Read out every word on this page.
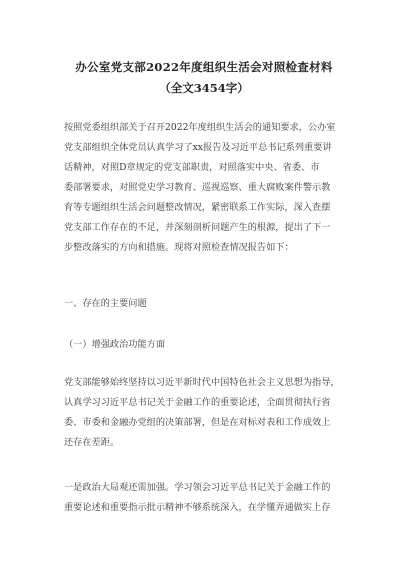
办公室党支部2022年度组织生活会对照检查材料
（全文3454字）
按照党委组织部关于召开2022年度组织生活会的通知要求，公办室
党支部组织全体党员认真学习了xx报告及习近平总书记系列重要讲
话精神，对照D章规定的党支部职责，对照落实中央、省委、市
委部署要求，对照党史学习教育、巡视巡察、重大腐败案件警示教
育等专题组织生活会问题整改情况，紧密联系工作实际，深入查摆
党支部工作存在的不足，并深刻剖析问题产生的根源，提出了下一
步整改落实的方向和措施。现将对照检查情况报告如下：
一、存在的主要问题
（一）增强政治功能方面
党支部能够始终坚持以习近平新时代中国特色社会主义思想为指导，
认真学习习近平总书记关于金融工作的重要论述，全面贯彻执行省
委、市委和金融办党组的决策部署，但是在对标对表和工作成效上
还存在差距。
一是政治大局观还需加强。学习领会习近平总书记关于金融工作的
重要论述和重要指示批示精神不够系统深入，在学懂弄通做实上存
